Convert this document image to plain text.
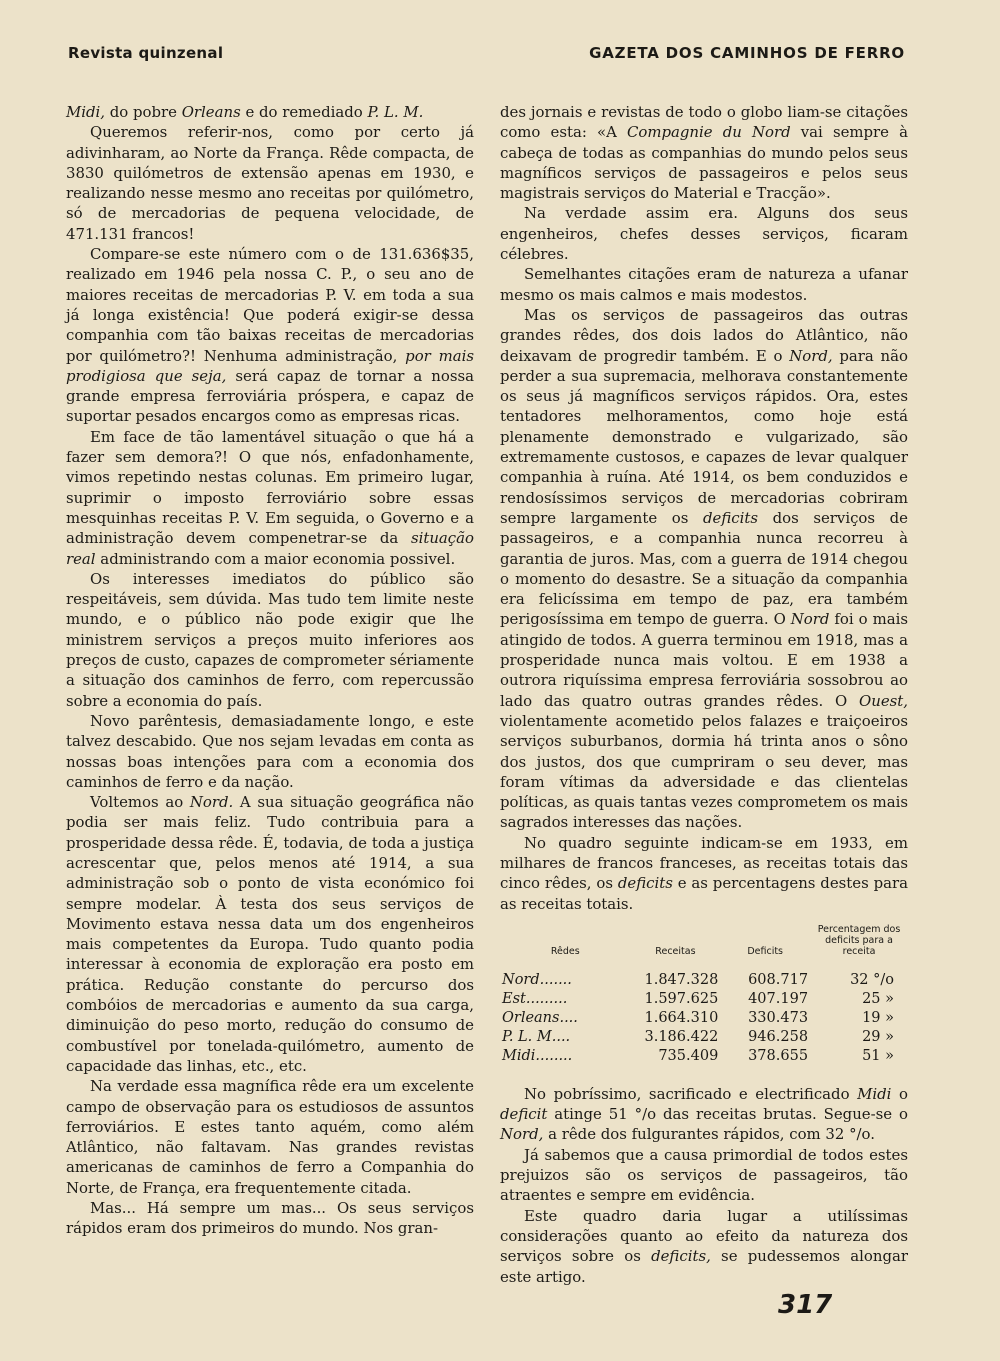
Revista quinzenal	GAZETA DOS CAMINHOS DE FERRO

Midi, do pobre Orleans e do remediado P. L. M.

Queremos referir-nos, como por certo já adivinharam, ao Norte da França. Rêde compacta, de 3830 quilómetros de extensão apenas em 1930, e realizando nesse mesmo ano receitas por quilómetro, só de mercadorias de pequena velocidade, de 471.131 francos!

Compare-se este número com o de 131.636$35, realizado em 1946 pela nossa C. P., o seu ano de maiores receitas de mercadorias P. V. em toda a sua já longa existência! Que poderá exigir-se dessa companhia com tão baixas receitas de mercadorias por quilómetro?! Nenhuma administração, por mais prodigiosa que seja, será capaz de tornar a nossa grande empresa ferroviária próspera, e capaz de suportar pesados encargos como as empresas ricas.

Em face de tão lamentável situação o que há a fazer sem demora?! O que nós, enfadonhamente, vimos repetindo nestas colunas. Em primeiro lugar, suprimir o imposto ferroviário sobre essas mesquinhas receitas P. V. Em seguida, o Governo e a administração devem compenetrar-se da situação real administrando com a maior economia possivel.

Os interesses imediatos do público são respeitáveis, sem dúvida. Mas tudo tem limite neste mundo, e o público não pode exigir que lhe ministrem serviços a preços muito inferiores aos preços de custo, capazes de comprometer sériamente a situação dos caminhos de ferro, com repercussão sobre a economia do país.

Novo parêntesis, demasiadamente longo, e este talvez descabido. Que nos sejam levadas em conta as nossas boas intenções para com a economia dos caminhos de ferro e da nação.

Voltemos ao Nord. A sua situação geográfica não podia ser mais feliz. Tudo contribuia para a prosperidade dessa rêde. É, todavia, de toda a justiça acrescentar que, pelos menos até 1914, a sua administração sob o ponto de vista económico foi sempre modelar. À testa dos seus serviços de Movimento estava nessa data um dos engenheiros mais competentes da Europa. Tudo quanto podia interessar à economia de exploração era posto em prática. Redução constante do percurso dos combóios de mercadorias e aumento da sua carga, diminuição do peso morto, redução do consumo de combustível por tonelada-quilómetro, aumento de capacidade das linhas, etc., etc.

Na verdade essa magnífica rêde era um excelente campo de observação para os estudiosos de assuntos ferroviários. E estes tanto aquém, como além Atlântico, não faltavam. Nas grandes revistas americanas de caminhos de ferro a Companhia do Norte, de França, era frequentemente citada.

Mas... Há sempre um mas... Os seus serviços rápidos eram dos primeiros do mundo. Nos gran-

des jornais e revistas de todo o globo liam-se citações como esta: «A Compagnie du Nord vai sempre à cabeça de todas as companhias do mundo pelos seus magníficos serviços de passageiros e pelos seus magistrais serviços do Material e Tracção».

Na verdade assim era. Alguns dos seus engenheiros, chefes desses serviços, ficaram célebres.

Semelhantes citações eram de natureza a ufanar mesmo os mais calmos e mais modestos.

Mas os serviços de passageiros das outras grandes rêdes, dos dois lados do Atlântico, não deixavam de progredir também. E o Nord, para não perder a sua supremacia, melhorava constantemente os seus já magníficos serviços rápidos. Ora, estes tentadores melhoramentos, como hoje está plenamente demonstrado e vulgarizado, são extremamente custosos, e capazes de levar qualquer companhia à ruína. Até 1914, os bem conduzidos e rendosíssimos serviços de mercadorias cobriram sempre largamente os deficits dos serviços de passageiros, e a companhia nunca recorreu à garantia de juros. Mas, com a guerra de 1914 chegou o momento do desastre. Se a situação da companhia era felicíssima em tempo de paz, era também perigosíssima em tempo de guerra. O Nord foi o mais atingido de todos. A guerra terminou em 1918, mas a prosperidade nunca mais voltou. E em 1938 a outrora riquíssima empresa ferroviária sossobrou ao lado das quatro outras grandes rêdes. O Ouest, violentamente acometido pelos falazes e traiçoeiros serviços suburbanos, dormia há trinta anos o sôno dos justos, dos que cumpriram o seu dever, mas foram vítimas da adversidade e das clientelas políticas, as quais tantas vezes comprometem os mais sagrados interesses das nações.

No quadro seguinte indicam-se em 1933, em milhares de francos franceses, as receitas totais das cinco rêdes, os deficits e as percentagens destes para as receitas totais.

Rêdes	Receitas	Deficits	Percentagem dos deficits para a receita
Nord.......	1.847.328	608.717	32 °/o
Est.........	1.597.625	407.197	25 »
Orleans....	1.664.310	330.473	19 »
P. L. M....	3.186.422	946.258	29 »
Midi........	735.409	378.655	51 »

No pobríssimo, sacrificado e electrificado Midi o deficit atinge 51 °/o das receitas brutas. Segue-se o Nord, a rêde dos fulgurantes rápidos, com 32 °/o.

Já sabemos que a causa primordial de todos estes prejuizos são os serviços de passageiros, tão atraentes e sempre em evidência.

Este quadro daria lugar a utilíssimas considerações quanto ao efeito da natureza dos serviços sobre os deficits, se pudessemos alongar este artigo.

317
